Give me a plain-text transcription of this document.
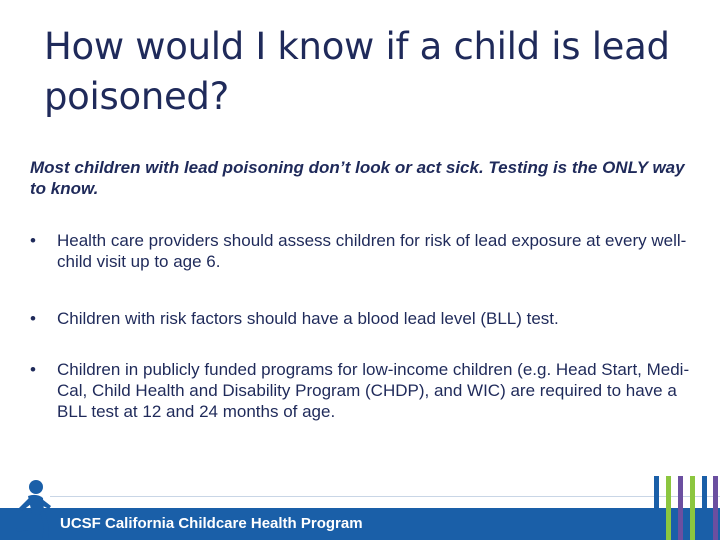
How would I know if a child is lead poisoned?
Most children with lead poisoning don’t look or act sick. Testing is the ONLY way to know.
• Health care providers should assess children for risk of lead exposure at every well-child visit up to age 6.
• Children with risk factors should have a blood lead level (BLL) test.
• Children in publicly funded programs for low-income children (e.g. Head Start, Medi-Cal, Child Health and Disability Program (CHDP), and WIC) are required to have a BLL test at 12 and 24 months of age.
UCSF California Childcare Health Program
